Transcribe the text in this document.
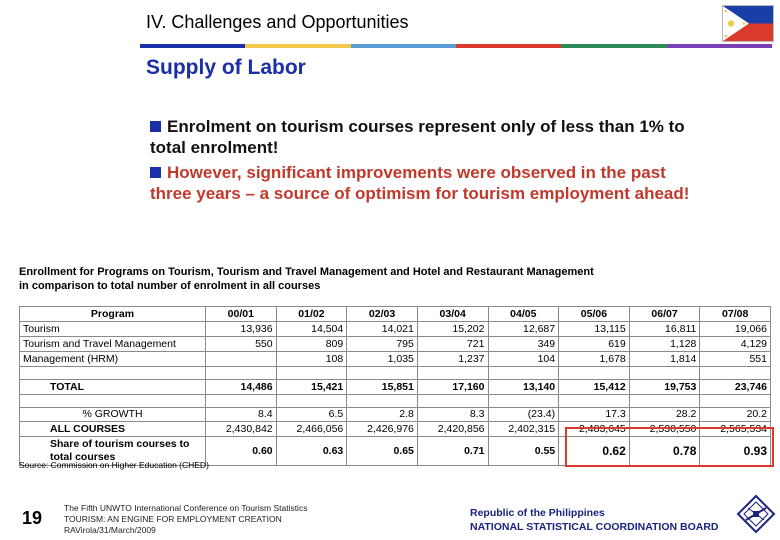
IV. Challenges and Opportunities
Supply of Labor
Enrolment on tourism courses represent only of less than 1% to total enrolment!
However, significant improvements were observed in the past three years – a source of optimism for tourism employment ahead!
Enrollment for Programs on Tourism, Tourism and Travel Management and Hotel and Restaurant Management
in comparison to total number of enrolment in all courses
Program	00/01	01/02	02/03	03/04	04/05	05/06	06/07	07/08
Tourism	13,936	14,504	14,021	15,202	12,687	13,115	16,811	19,066
Tourism and Travel Management	550	809	795	721	349	619	1,128	4,129
Management (HRM)		108	1,035	1,237	104	1,678	1,814	551

TOTAL	14,486	15,421	15,851	17,160	13,140	15,412	19,753	23,746

% GROWTH	8.4	6.5	2.8	8.3	(23.4)	17.3	28.2	20.2
ALL COURSES	2,430,842	2,466,056	2,426,976	2,420,856	2,402,315	2,483,645	2,530,550	2,565,534

Share of tourism courses to
total courses	0.60	0.63	0.65	0.71	0.55	0.62	0.78	0.93
Source: Commission on Higher Education (CHED)
19	The Fifth UNWTO International Conference on Tourism Statistics
TOURISM: AN ENGINE FOR EMPLOYMENT CREATION
RAVirola/31/March/2009
Republic of the Philippines
NATIONAL STATISTICAL COORDINATION BOARD
